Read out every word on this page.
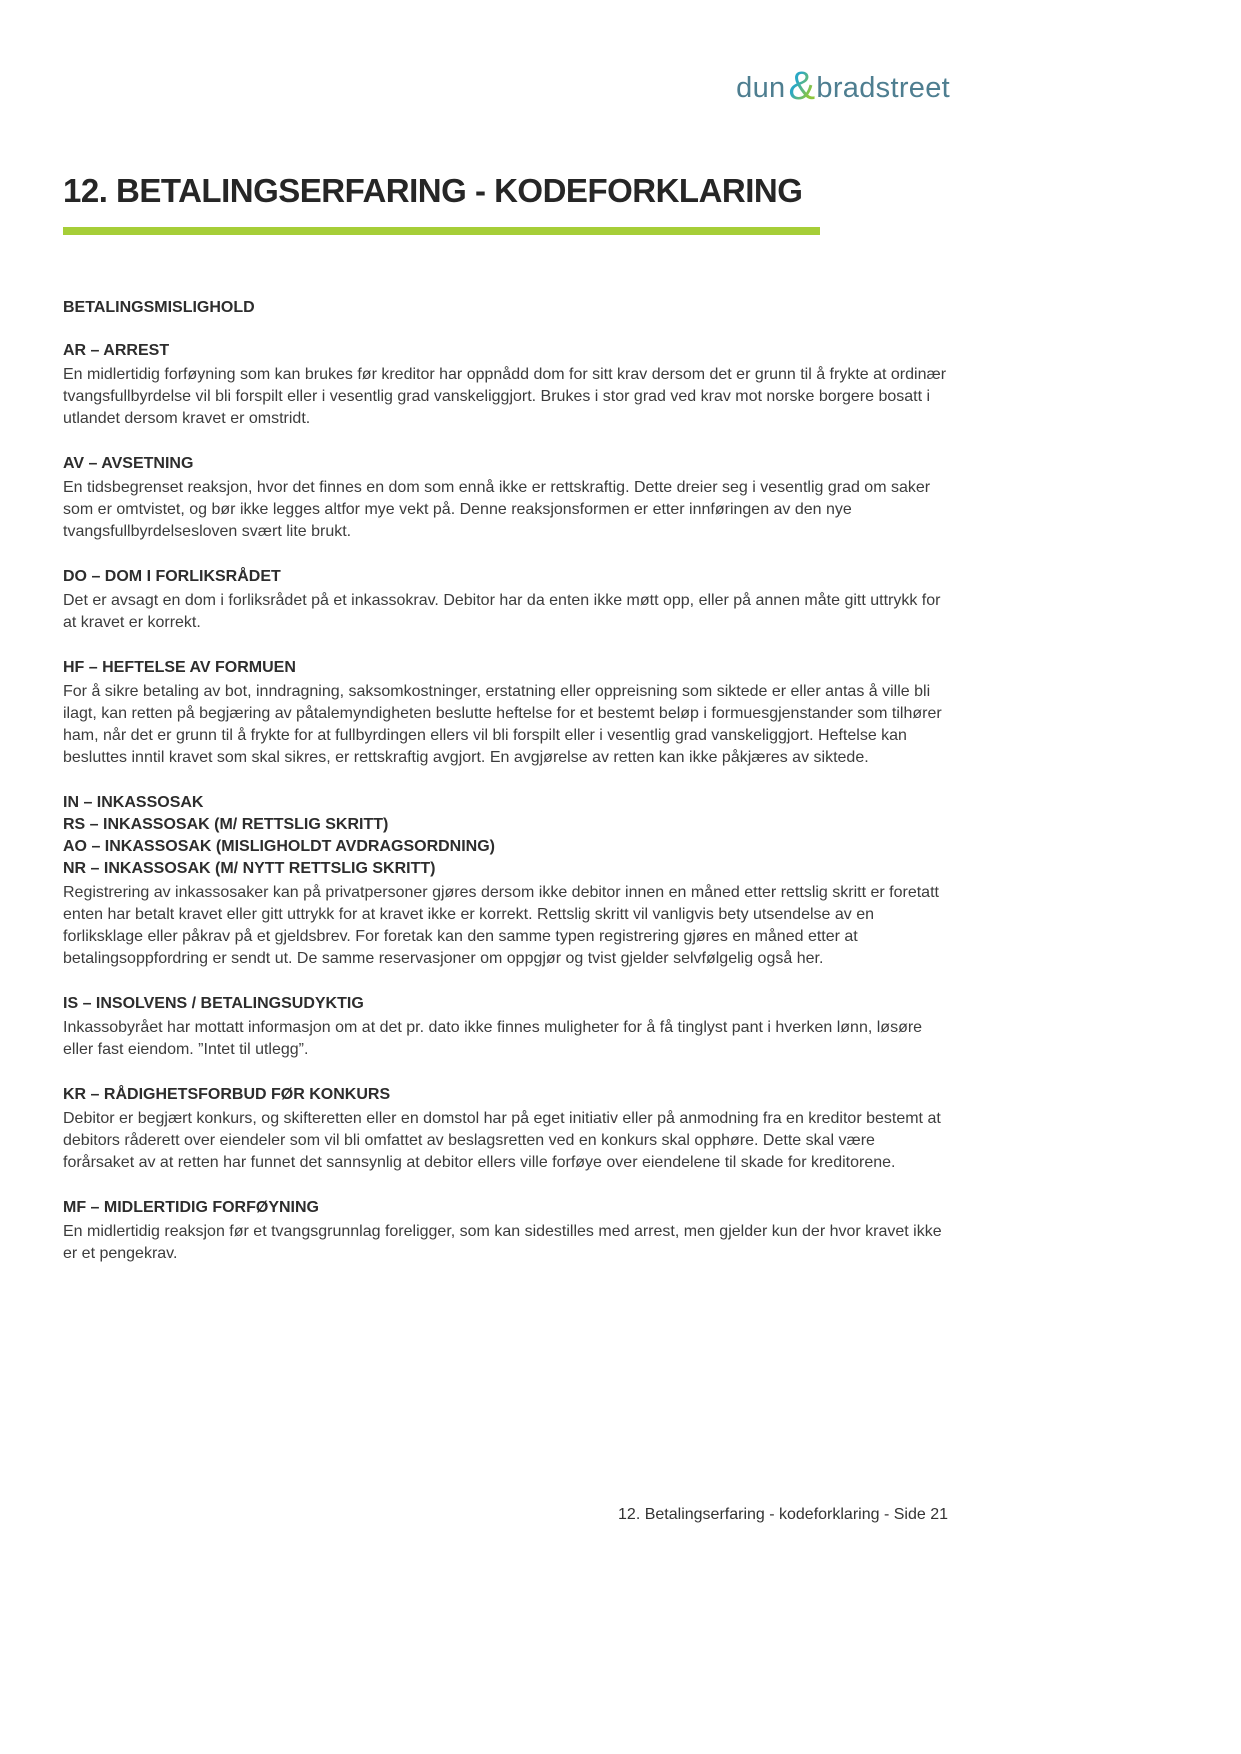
dun & bradstreet
12. BETALINGSERFARING - KODEFORKLARING
BETALINGSMISLIGHOLD
AR – ARREST

En midlertidig forføyning som kan brukes før kreditor har oppnådd dom for sitt krav dersom det er grunn til å frykte at ordinær tvangsfullbyrdelse vil bli forspilt eller i vesentlig grad vanskeliggjort. Brukes i stor grad ved krav mot norske borgere bosatt i utlandet dersom kravet er omstridt.

AV – AVSETNING

En tidsbegrenset reaksjon, hvor det finnes en dom som ennå ikke er rettskraftig. Dette dreier seg i vesentlig grad om saker som er omtvistet, og bør ikke legges altfor mye vekt på. Denne reaksjonsformen er etter innføringen av den nye tvangsfullbyrdelsesloven svært lite brukt.

DO – DOM I FORLIKSRÅDET

Det er avsagt en dom i forliksrådet på et inkassokrav. Debitor har da enten ikke møtt opp, eller på annen måte gitt uttrykk for at kravet er korrekt.

HF – HEFTELSE AV FORMUEN

For å sikre betaling av bot, inndragning, saksomkostninger, erstatning eller oppreisning som siktede er eller antas å ville bli ilagt, kan retten på begjæring av påtalemyndigheten beslutte heftelse for et bestemt beløp i formuesgjenstander som tilhører ham, når det er grunn til å frykte for at fullbyrdingen ellers vil bli forspilt eller i vesentlig grad vanskeliggjort. Heftelse kan besluttes inntil kravet som skal sikres, er rettskraftig avgjort. En avgjørelse av retten kan ikke påkjæres av siktede.

IN – INKASSOSAK
RS – INKASSOSAK (M/ RETTSLIG SKRITT)
AO – INKASSOSAK (MISLIGHOLDT AVDRAGSORDNING)
NR – INKASSOSAK (M/ NYTT RETTSLIG SKRITT)

Registrering av inkassosaker kan på privatpersoner gjøres dersom ikke debitor innen en måned etter rettslig skritt er foretatt enten har betalt kravet eller gitt uttrykk for at kravet ikke er korrekt. Rettslig skritt vil vanligvis bety utsendelse av en forliksklage eller påkrav på et gjeldsbrev. For foretak kan den samme typen registrering gjøres en måned etter at betalingsoppfordring er sendt ut. De samme reservasjoner om oppgjør og tvist gjelder selvfølgelig også her.

IS – INSOLVENS / BETALINGSUDYKTIG

Inkassobyrået har mottatt informasjon om at det pr. dato ikke finnes muligheter for å få tinglyst pant i hverken lønn, løsøre eller fast eiendom. ”Intet til utlegg”.

KR – RÅDIGHETSFORBUD FØR KONKURS

Debitor er begjært konkurs, og skifteretten eller en domstol har på eget initiativ eller på anmodning fra en kreditor bestemt at debitors råderett over eiendeler som vil bli omfattet av beslagsretten ved en konkurs skal opphøre. Dette skal være forårsaket av at retten har funnet det sannsynlig at debitor ellers ville forføye over eiendelene til skade for kreditorene.

MF – MIDLERTIDIG FORFØYNING

En midlertidig reaksjon før et tvangsgrunnlag foreligger, som kan sidestilles med arrest, men gjelder kun der hvor kravet ikke er et pengekrav.

12. Betalingserfaring - kodeforklaring - Side 21
